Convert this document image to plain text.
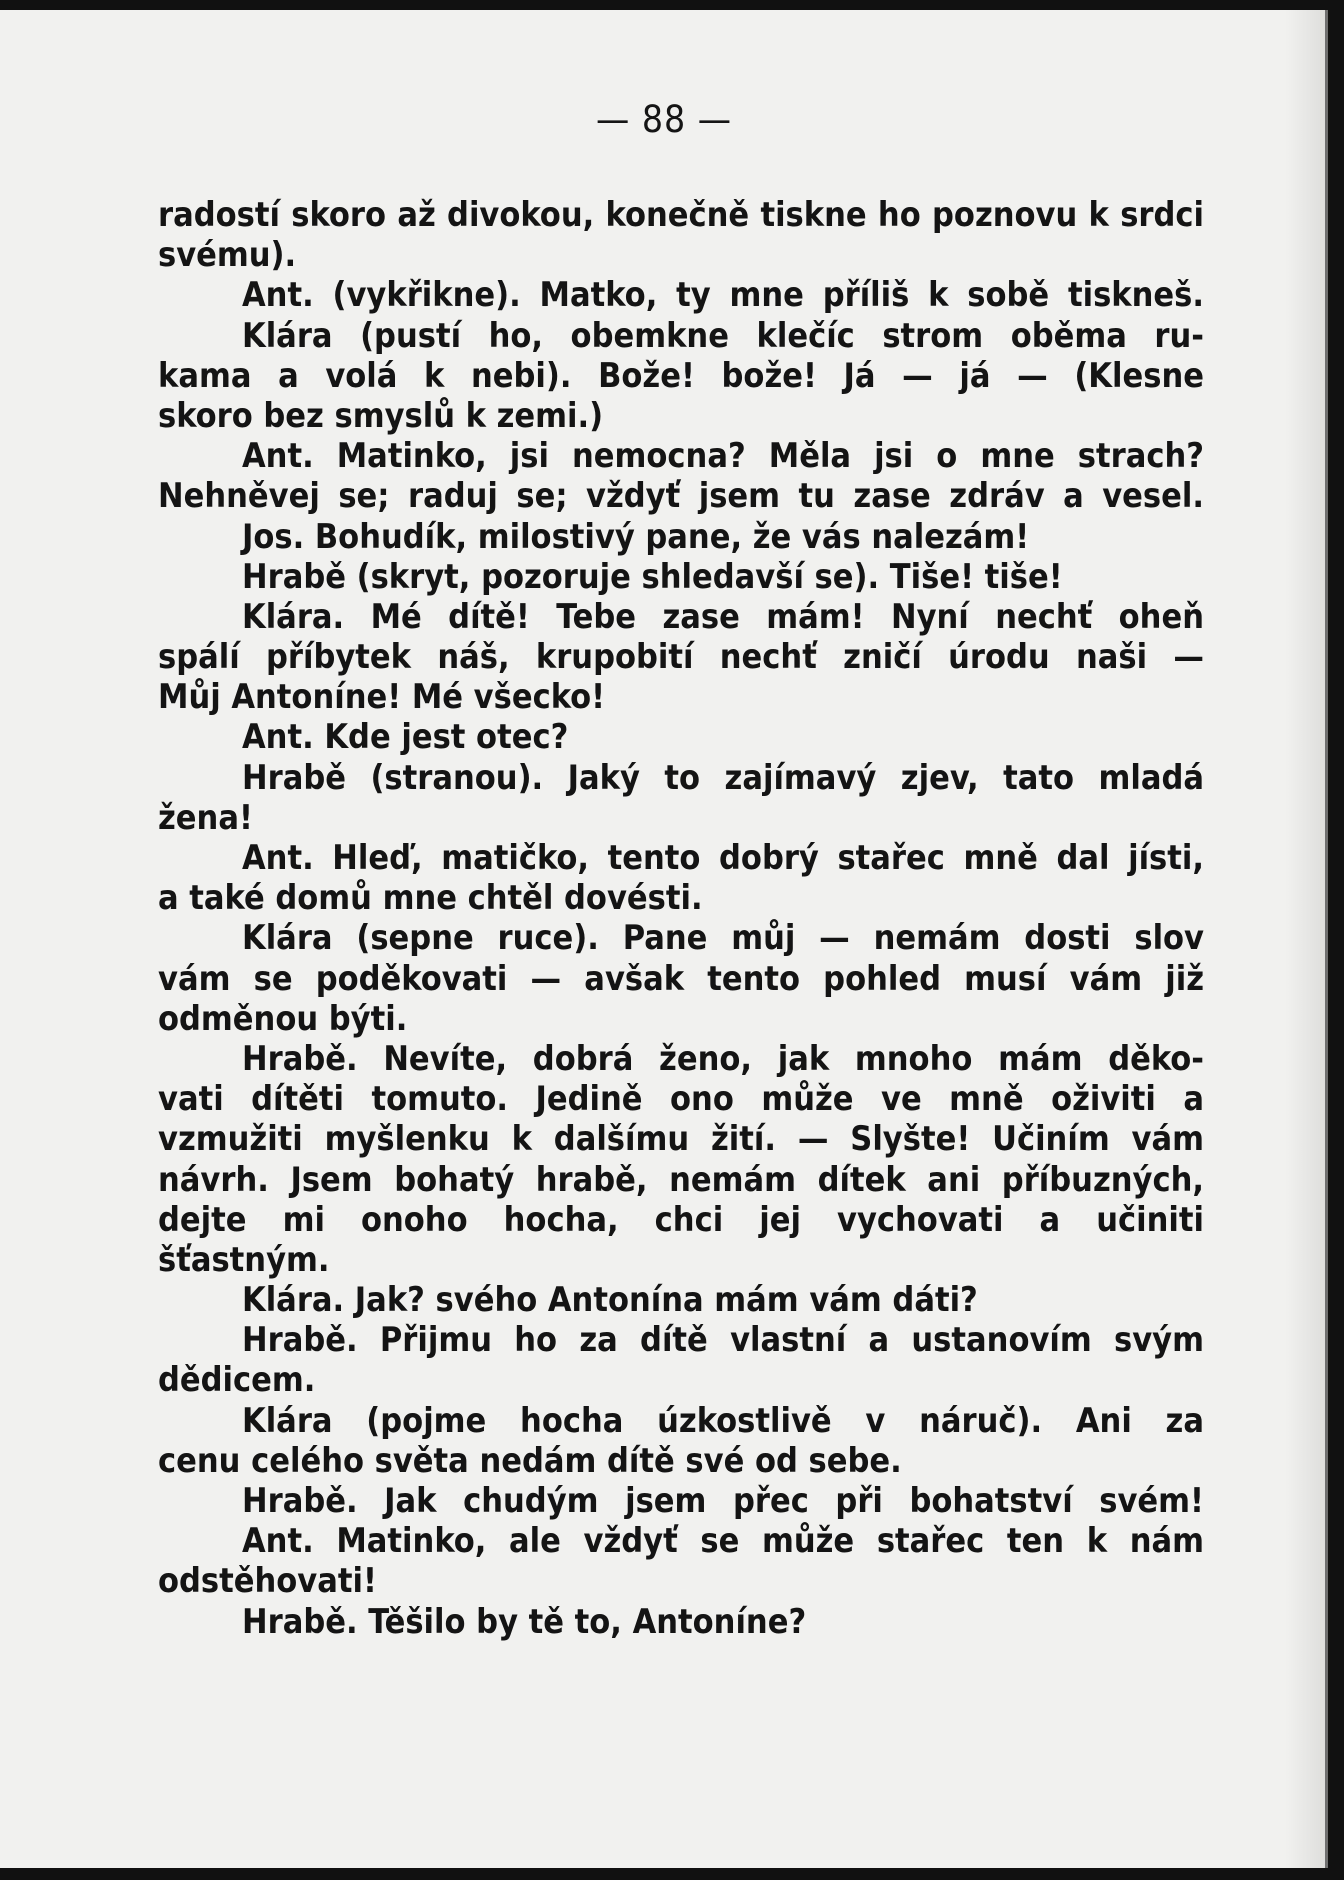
— 88 —
radostí skoro až divokou, konečně tiskne ho poznovu k srdci
svému).
Ant. (vykřikne). Matko, ty mne příliš k sobě tiskneš.
Klára (pustí ho, obemkne klečíc strom oběma ru-
kama a volá k nebi). Bože! bože! Já — já — (Klesne
skoro bez smyslů k zemi.)
Ant. Matinko, jsi nemocna? Měla jsi o mne strach?
Nehněvej se; raduj se; vždyť jsem tu zase zdráv a vesel.
Jos. Bohudík, milostivý pane, že vás nalezám!
Hrabě (skryt, pozoruje shledavší se). Tiše! tiše!
Klára. Mé dítě! Tebe zase mám! Nyní nechť oheň
spálí příbytek náš, krupobití nechť zničí úrodu naši —
Můj Antoníne! Mé všecko!
Ant. Kde jest otec?
Hrabě (stranou). Jaký to zajímavý zjev, tato mladá
žena!
Ant. Hleď, matičko, tento dobrý stařec mně dal jísti,
a také domů mne chtěl dovésti.
Klára (sepne ruce). Pane můj — nemám dosti slov
vám se poděkovati — avšak tento pohled musí vám již
odměnou býti.
Hrabě. Nevíte, dobrá ženo, jak mnoho mám děko-
vati dítěti tomuto. Jedině ono může ve mně oživiti a
vzmužiti myšlenku k dalšímu žití. — Slyšte! Učiním vám
návrh. Jsem bohatý hrabě, nemám dítek ani příbuzných,
dejte mi onoho hocha, chci jej vychovati a učiniti
šťastným.
Klára. Jak? svého Antonína mám vám dáti?
Hrabě. Přijmu ho za dítě vlastní a ustanovím svým
dědicem.
Klára (pojme hocha úzkostlivě v náruč). Ani za
cenu celého světa nedám dítě své od sebe.
Hrabě. Jak chudým jsem přec při bohatství svém!
Ant. Matinko, ale vždyť se může stařec ten k nám
odstěhovati!
Hrabě. Těšilo by tě to, Antoníne?
